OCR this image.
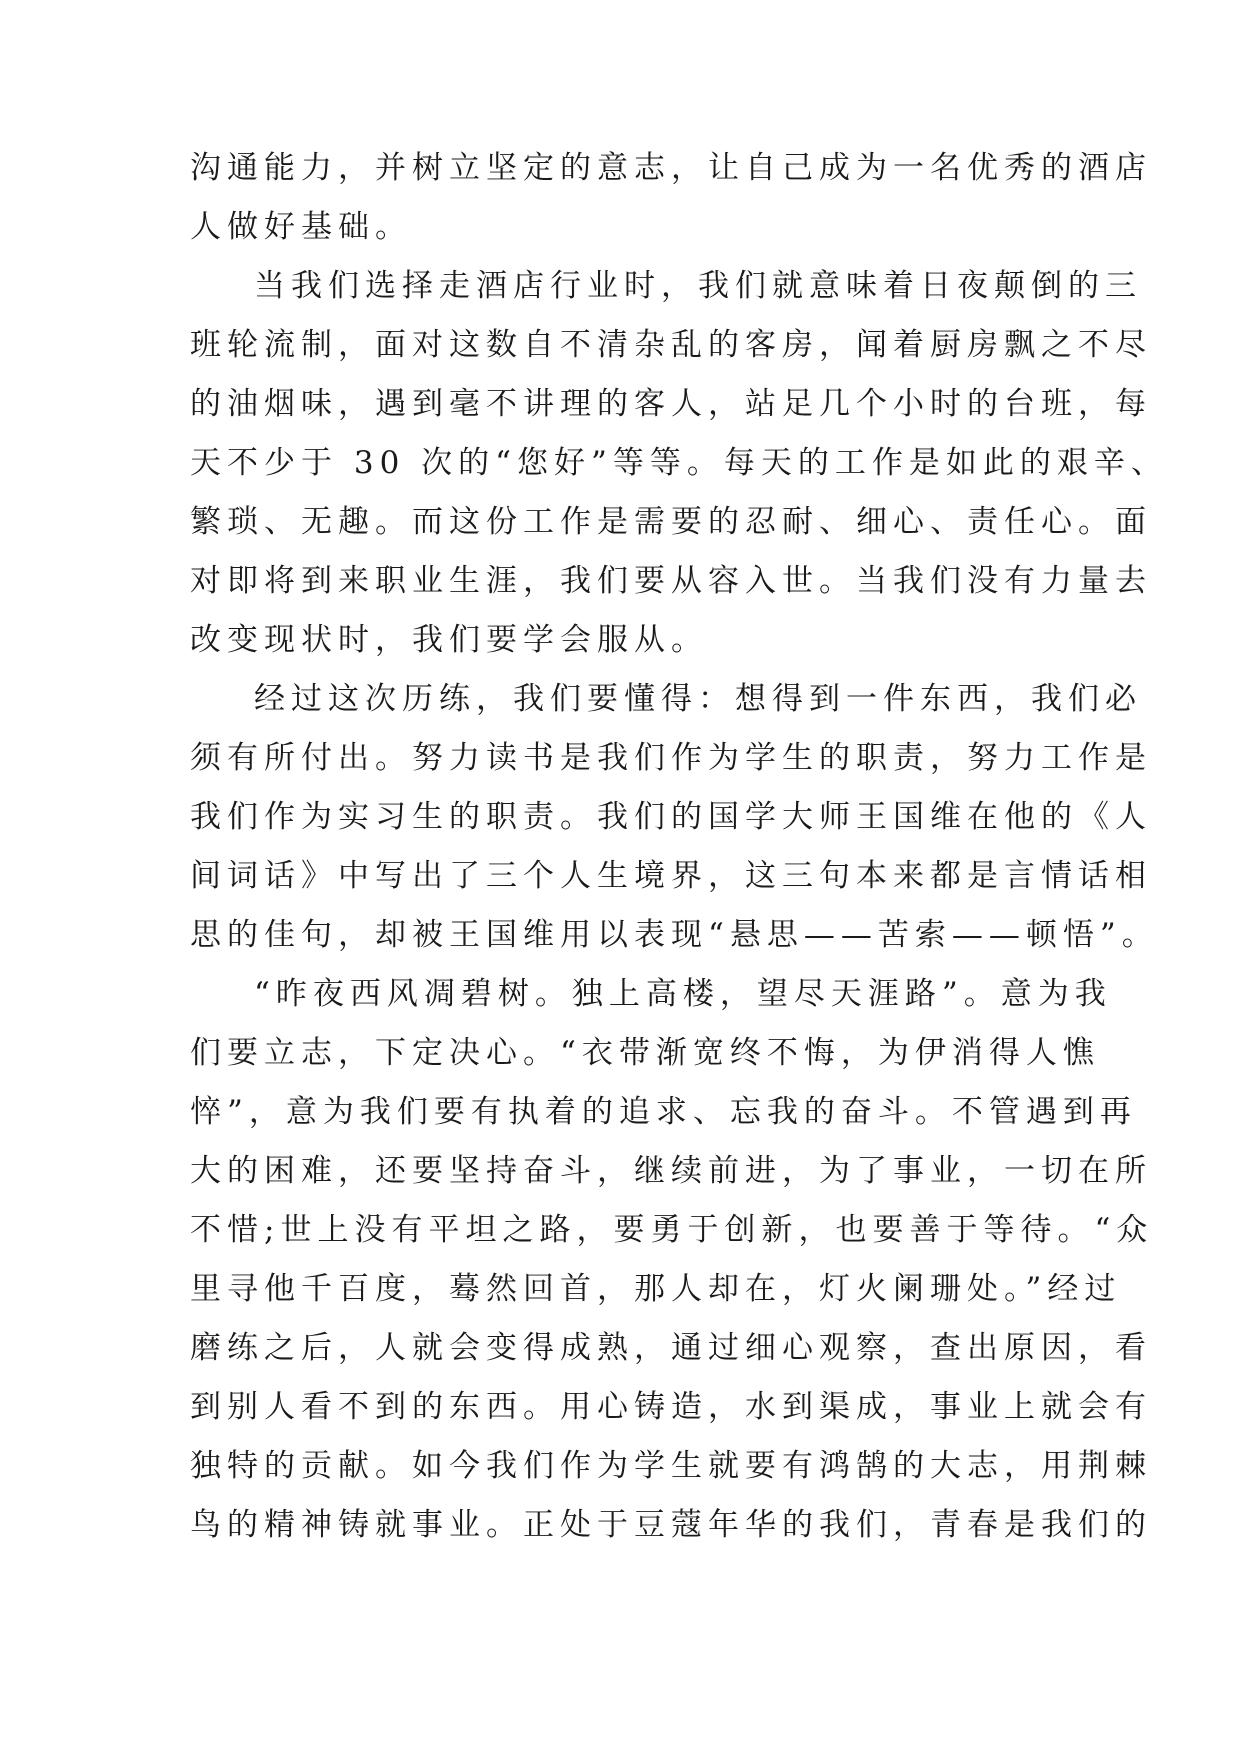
沟通能力，并树立坚定的意志，让自己成为一名优秀的酒店
人做好基础。
当我们选择走酒店行业时，我们就意味着日夜颠倒的三
班轮流制，面对这数自不清杂乱的客房，闻着厨房飘之不尽
的油烟味，遇到毫不讲理的客人，站足几个小时的台班，每
天不少于 30 次的“您好”等等。每天的工作是如此的艰辛、
繁琐、无趣。而这份工作是需要的忍耐、细心、责任心。面
对即将到来职业生涯，我们要从容入世。当我们没有力量去
改变现状时，我们要学会服从。
经过这次历练，我们要懂得：想得到一件东西，我们必
须有所付出。努力读书是我们作为学生的职责，努力工作是
我们作为实习生的职责。我们的国学大师王国维在他的《人
间词话》中写出了三个人生境界，这三句本来都是言情话相
思的佳句，却被王国维用以表现“悬思——苦索——顿悟”。
“昨夜西风凋碧树。独上高楼，望尽天涯路”。意为我
们要立志，下定决心。“衣带渐宽终不悔，为伊消得人憔
悴”，意为我们要有执着的追求、忘我的奋斗。不管遇到再
大的困难，还要坚持奋斗，继续前进，为了事业，一切在所
不惜;世上没有平坦之路，要勇于创新，也要善于等待。“众
里寻他千百度，蓦然回首，那人却在，灯火阑珊处。”经过
磨练之后，人就会变得成熟，通过细心观察，查出原因，看
到别人看不到的东西。用心铸造，水到渠成，事业上就会有
独特的贡献。如今我们作为学生就要有鸿鹄的大志，用荆棘
鸟的精神铸就事业。正处于豆蔻年华的我们，青春是我们的
